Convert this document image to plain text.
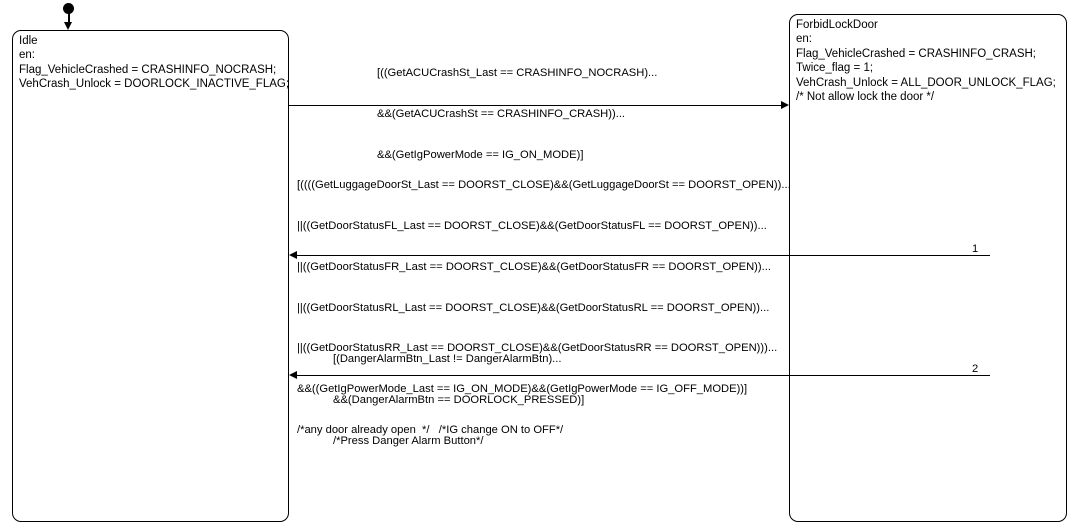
Idle
en:
Flag_VehicleCrashed = CRASHINFO_NOCRASH;
VehCrash_Unlock = DOORLOCK_INACTIVE_FLAG;
ForbidLockDoor
en:
Flag_VehicleCrashed = CRASHINFO_CRASH;
Twice_flag = 1;
VehCrash_Unlock = ALL_DOOR_UNLOCK_FLAG;
/* Not allow lock the door */

[((GetACUCrashSt_Last == CRASHINFO_NOCRASH)...

&&(GetACUCrashSt == CRASHINFO_CRASH))...

&&(GetIgPowerMode == IG_ON_MODE)]

[((((GetLuggageDoorSt_Last == DOORST_CLOSE)&&(GetLuggageDoorSt == DOORST_OPEN))...

||((GetDoorStatusFL_Last == DOORST_CLOSE)&&(GetDoorStatusFL == DOORST_OPEN))...

||((GetDoorStatusFR_Last == DOORST_CLOSE)&&(GetDoorStatusFR == DOORST_OPEN))...

||((GetDoorStatusRL_Last == DOORST_CLOSE)&&(GetDoorStatusRL == DOORST_OPEN))...

||((GetDoorStatusRR_Last == DOORST_CLOSE)&&(GetDoorStatusRR == DOORST_OPEN)))...

&&((GetIgPowerMode_Last == IG_ON_MODE)&&(GetIgPowerMode == IG_OFF_MODE))]

/*any door already open  */   /*IG change ON to OFF*/

1

[(DangerAlarmBtn_Last != DangerAlarmBtn)...

&&(DangerAlarmBtn == DOORLOCK_PRESSED)]

/*Press Danger Alarm Button*/

2
